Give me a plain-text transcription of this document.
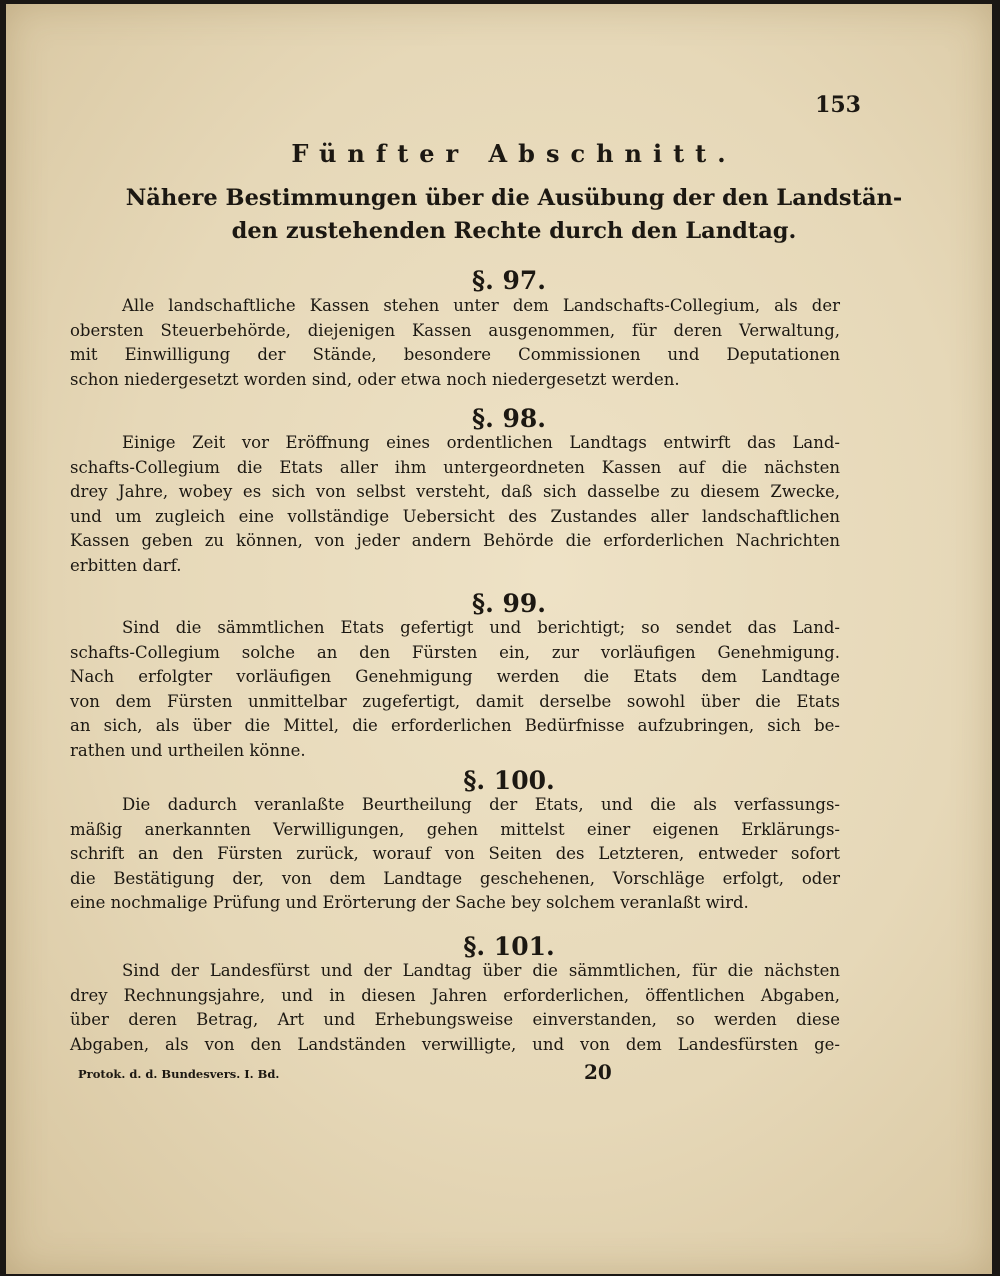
153
Fünfter Abschnitt.
Nähere Bestimmungen über die Ausübung der den Landstän-
den zustehenden Rechte durch den Landtag.
§. 97.
Alle landschaftliche Kassen stehen unter dem Landschafts-Collegium, als der
obersten Steuerbehörde, diejenigen Kassen ausgenommen, für deren Verwaltung,
mit Einwilligung der Stände, besondere Commissionen und Deputationen
schon niedergesetzt worden sind, oder etwa noch niedergesetzt werden.
§. 98.
Einige Zeit vor Eröffnung eines ordentlichen Landtags entwirft das Land-
schafts-Collegium die Etats aller ihm untergeordneten Kassen auf die nächsten
drey Jahre, wobey es sich von selbst versteht, daß sich dasselbe zu diesem Zwecke,
und um zugleich eine vollständige Uebersicht des Zustandes aller landschaftlichen
Kassen geben zu können, von jeder andern Behörde die erforderlichen Nachrichten
erbitten darf.
§. 99.
Sind die sämmtlichen Etats gefertigt und berichtigt; so sendet das Land-
schafts-Collegium solche an den Fürsten ein, zur vorläufigen Genehmigung.
Nach erfolgter vorläufigen Genehmigung werden die Etats dem Landtage
von dem Fürsten unmittelbar zugefertigt, damit derselbe sowohl über die Etats
an sich, als über die Mittel, die erforderlichen Bedürfnisse aufzubringen, sich be-
rathen und urtheilen könne.
§. 100.
Die dadurch veranlaßte Beurtheilung der Etats, und die als verfassungs-
mäßig anerkannten Verwilligungen, gehen mittelst einer eigenen Erklärungs-
schrift an den Fürsten zurück, worauf von Seiten des Letzteren, entweder sofort
die Bestätigung der, von dem Landtage geschehenen, Vorschläge erfolgt, oder
eine nochmalige Prüfung und Erörterung der Sache bey solchem veranlaßt wird.
§. 101.
Sind der Landesfürst und der Landtag über die sämmtlichen, für die nächsten
drey Rechnungsjahre, und in diesen Jahren erforderlichen, öffentlichen Abgaben,
über deren Betrag, Art und Erhebungsweise einverstanden, so werden diese
Abgaben, als von den Landständen verwilligte, und von dem Landesfürsten ge-
Protok. d. d. Bundesvers. I. Bd.	20
